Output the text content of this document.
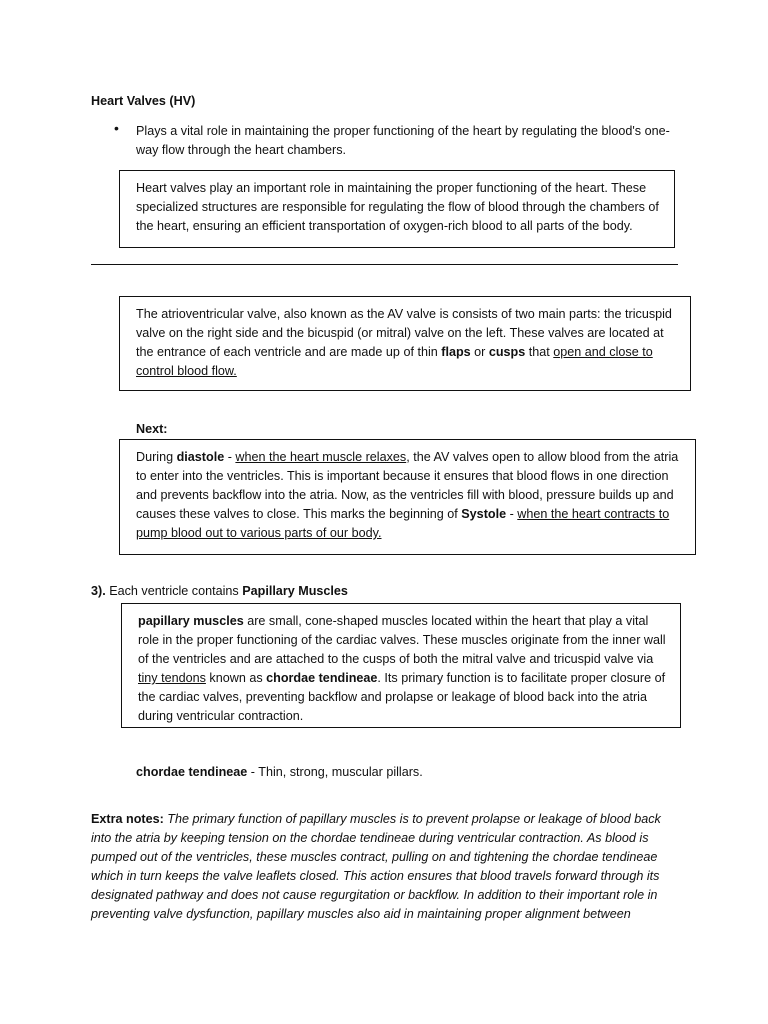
Heart Valves (HV)
• Plays a vital role in maintaining the proper functioning of the heart by regulating the blood's one-way flow through the heart chambers.
Heart valves play an important role in maintaining the proper functioning of the heart. These specialized structures are responsible for regulating the flow of blood through the chambers of the heart, ensuring an efficient transportation of oxygen-rich blood to all parts of the body.
The atrioventricular valve, also known as the AV valve is consists of two main parts: the tricuspid valve on the right side and the bicuspid (or mitral) valve on the left. These valves are located at the entrance of each ventricle and are made up of thin flaps or cusps that open and close to control blood flow.
Next:
During diastole - when the heart muscle relaxes, the AV valves open to allow blood from the atria to enter into the ventricles. This is important because it ensures that blood flows in one direction and prevents backflow into the atria. Now, as the ventricles fill with blood, pressure builds up and causes these valves to close. This marks the beginning of Systole - when the heart contracts to pump blood out to various parts of our body.
3). Each ventricle contains Papillary Muscles
papillary muscles are small, cone-shaped muscles located within the heart that play a vital role in the proper functioning of the cardiac valves. These muscles originate from the inner wall of the ventricles and are attached to the cusps of both the mitral valve and tricuspid valve via tiny tendons known as chordae tendineae. Its primary function is to facilitate proper closure of the cardiac valves, preventing backflow and prolapse or leakage of blood back into the atria during ventricular contraction.
chordae tendineae - Thin, strong, muscular pillars.
Extra notes: The primary function of papillary muscles is to prevent prolapse or leakage of blood back into the atria by keeping tension on the chordae tendineae during ventricular contraction. As blood is pumped out of the ventricles, these muscles contract, pulling on and tightening the chordae tendineae which in turn keeps the valve leaflets closed. This action ensures that blood travels forward through its designated pathway and does not cause regurgitation or backflow. In addition to their important role in preventing valve dysfunction, papillary muscles also aid in maintaining proper alignment between
